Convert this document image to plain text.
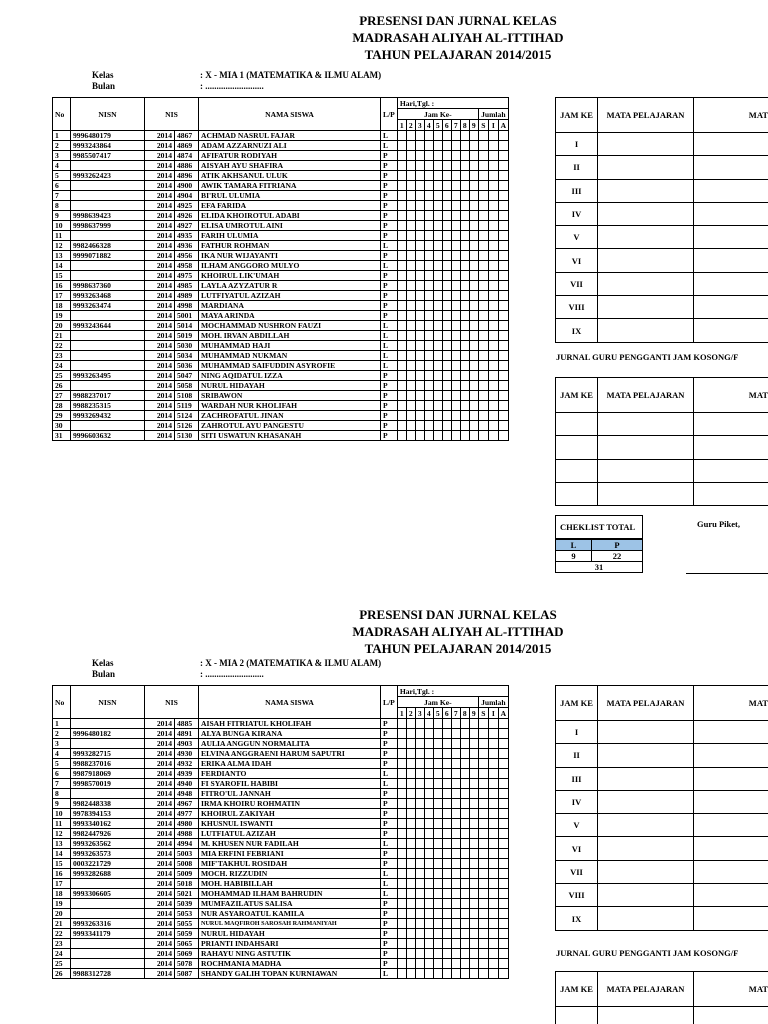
PRESENSI DAN JURNAL KELAS
MADRASAH ALIYAH AL-ITTIHAD
TAHUN PELAJARAN 2014/2015
Kelas	: X - MIA 1 (MATEMATIKA & ILMU ALAM)
Bulan	: ..........................
No	NISN	NIS		NAMA SISWA	L/P	Hari,Tgl. :											
						Jam Ke-									Jumlah		
						1	2	3	4	5	6	7	8	9	S	I	A
1	9996480179	2014	4867	ACHMAD NASRUL FAJAR	L												
2	9993243864	2014	4869	ADAM AZZARNUZI ALI	L												
3	9985507417	2014	4874	AFIFATUR RODIYAH	P												
4		2014	4886	AISYAH AYU SHAFIRA	P												
5	9993262423	2014	4896	ATIK AKHSANUL ULUK	P												
6		2014	4900	AWIK TAMARA FITRIANA	P												
7		2014	4904	BI'RUL ULUMIA	P												
8		2014	4925	EFA FARIDA	P												
9	9998639423	2014	4926	ELIDA KHOIROTUL ADABI	P												
10	9998637999	2014	4927	ELISA UMROTUL AINI	P												
11		2014	4935	FARIH ULUMIA	P												
12	9982466328	2014	4936	FATHUR ROHMAN	L												
13	9999071882	2014	4956	IKA NUR WIJAYANTI	P												
14		2014	4958	ILHAM ANGGORO MULYO	L												
15		2014	4975	KHOIRUL LIK'UMAH	P												
16	9998637360	2014	4985	LAYLA AZYZATUR R	P												
17	9993263468	2014	4989	LUTFIYATUL AZIZAH	P												
18	9993263474	2014	4998	MARDIANA	P												
19		2014	5001	MAYA ARINDA	P												
20	9993243644	2014	5014	MOCHAMMAD NUSHRON FAUZI	L												
21		2014	5019	MOH. IRVAN ABDILLAH	L												
22		2014	5030	MUHAMMAD HAJI	L												
23		2014	5034	MUHAMMAD NUKMAN	L												
24		2014	5036	MUHAMMAD SAIFUDDIN ASYROFIE	L												
25	9993263495	2014	5047	NING AQIDATUL IZZA	P												
26		2014	5058	NURUL HIDAYAH	P												
27	9988237017	2014	5108	SRIBAWON	P												
28	9988235315	2014	5119	WARDAH NUR KHOLIFAH	P												
29	9993269432	2014	5124	ZACHROFATUL JINAN	P												
30		2014	5126	ZAHROTUL AYU PANGESTU	P												
31	9996603632	2014	5130	SITI USWATUN KHASANAH	P												
JAM KE	MATA PELAJARAN	MAT
I		
II		
III		
IV		
V		
VI		
VII		
VIII		
IX		
JURNAL GURU PENGGANTI JAM KOSONG/F
JAM KE	MATA PELAJARAN	MAT

CHEKLIST TOTAL
L	P
9	22
31	
Guru Piket,
PRESENSI DAN JURNAL KELAS
MADRASAH ALIYAH AL-ITTIHAD
TAHUN PELAJARAN 2014/2015
Kelas	: X - MIA 2 (MATEMATIKA & ILMU ALAM)
Bulan	: ..........................
No	NISN	NIS		NAMA SISWA	L/P	Hari,Tgl. :											
						Jam Ke-									Jumlah		
						1	2	3	4	5	6	7	8	9	S	I	A
1		2014	4885	AISAH FITRIATUL KHOLIFAH	P												
2	9996480182	2014	4891	ALYA BUNGA KIRANA	P												
3		2014	4903	AULIA ANGGUN NORMALITA	P												
4	9993282715	2014	4930	ELVINA ANGGRAENI HARUM SAPUTRI	P												
5	9988237016	2014	4932	ERIKA ALMA IDAH	P												
6	9987918069	2014	4939	FERDIANTO	L												
7	9998570019	2014	4940	FI SYAROFIL HABIBI	L												
8		2014	4948	FITRO'UL JANNAH	P												
9	9982448338	2014	4967	IRMA KHOIRU ROHMATIN	P												
10	9978394153	2014	4977	KHOIRUL ZAKIYAH	P												
11	9993340162	2014	4980	KHUSNUL ISWANTI	P												
12	9982447926	2014	4988	LUTFIATUL AZIZAH	P												
13	9993263562	2014	4994	M. KHUSEN NUR FADILAH	L												
14	9993263573	2014	5003	MIA ERFINI FEBRIANI	P												
15	0003221729	2014	5008	MIF'TAKHUL ROSIDAH	P												
16	9993282688	2014	5009	MOCH. RIZZUDIN	L												
17		2014	5018	MOH. HABIBILLAH	L												
18	9993306605	2014	5021	MOHAMMAD ILHAM BAHRUDIN	L												
19		2014	5039	MUMFAZILATUS SALISA	P												
20		2014	5053	NUR ASYAROATUL KAMILA	P												
21	9993263316	2014	5055	NURUL MAQFIROH SAROSAH RAHMANIYAH	P												
22	9993341179	2014	5059	NURUL HIDAYAH	P												
23		2014	5065	PRIANTI INDAHSARI	P												
24		2014	5069	RAHAYU NING ASTUTIK	P												
25		2014	5078	ROCHMANIA MADHA	P												
26	9988312728	2014	5087	SHANDY GALIH TOPAN KURNIAWAN	L												
JAM KE	MATA PELAJARAN	MAT
I		
II		
III		
IV		
V		
VI		
VII		
VIII		
IX		
JURNAL GURU PENGGANTI JAM KOSONG/F
JAM KE	MATA PELAJARAN	MAT
